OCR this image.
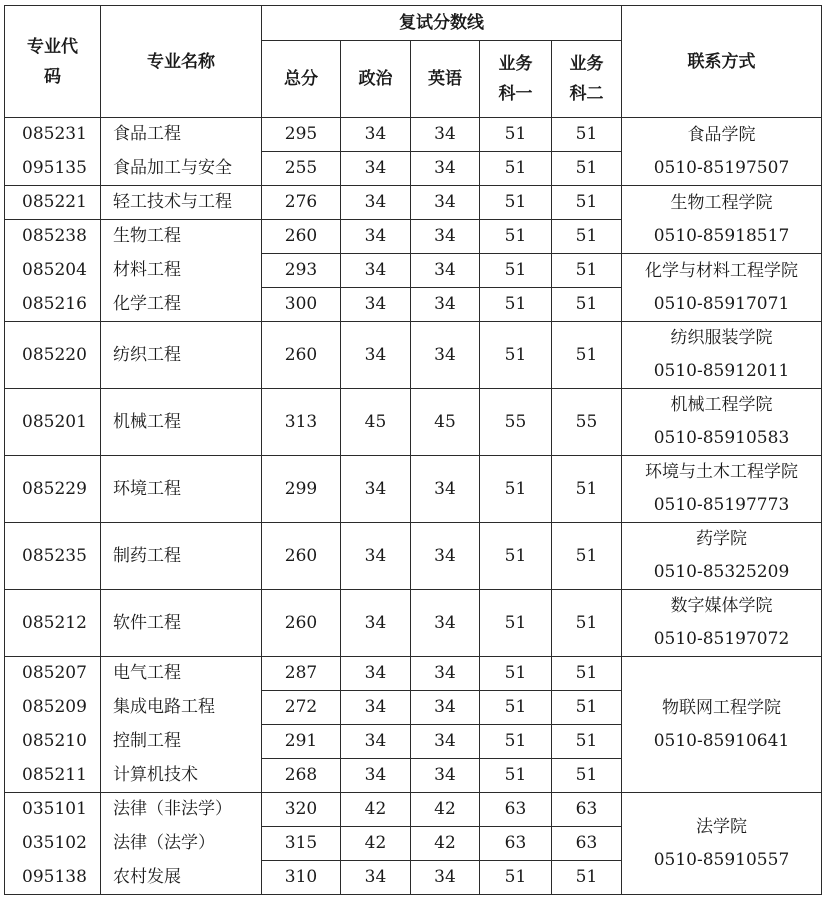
专业代码	专业名称	复试分数线					联系方式
		总分	政治	英语	业务科一	业务科二	
085231	食品工程	295	34	34	51	51	食品学院
0510-85197507

095135	食品加工与安全	255	34	34	51	51	
085221	轻工技术与工程	276	34	34	51	51	生物工程学院
0510-85918517

085238	生物工程	260	34	34	51	51	
085204	材料工程	293	34	34	51	51	化学与材料工程学院
0510-85917071

085216	化学工程	300	34	34	51	51	
085220	纺织工程	260	34	34	51	51	纺织服装学院
0510-85912011

085201	机械工程	313	45	45	55	55	机械工程学院
0510-85910583

085229	环境工程	299	34	34	51	51	环境与土木工程学院
0510-85197773

085235	制药工程	260	34	34	51	51	药学院
0510-85325209

085212	软件工程	260	34	34	51	51	数字媒体学院
0510-85197072

085207	电气工程	287	34	34	51	51	物联网工程学院
0510-85910641

085209	集成电路工程	272	34	34	51	51	
085210	控制工程	291	34	34	51	51	
085211	计算机技术	268	34	34	51	51	
035101	法律（非法学）	320	42	42	63	63	法学院
0510-85910557

035102	法律（法学）	315	42	42	63	63	
095138	农村发展	310	34	34	51	51	
